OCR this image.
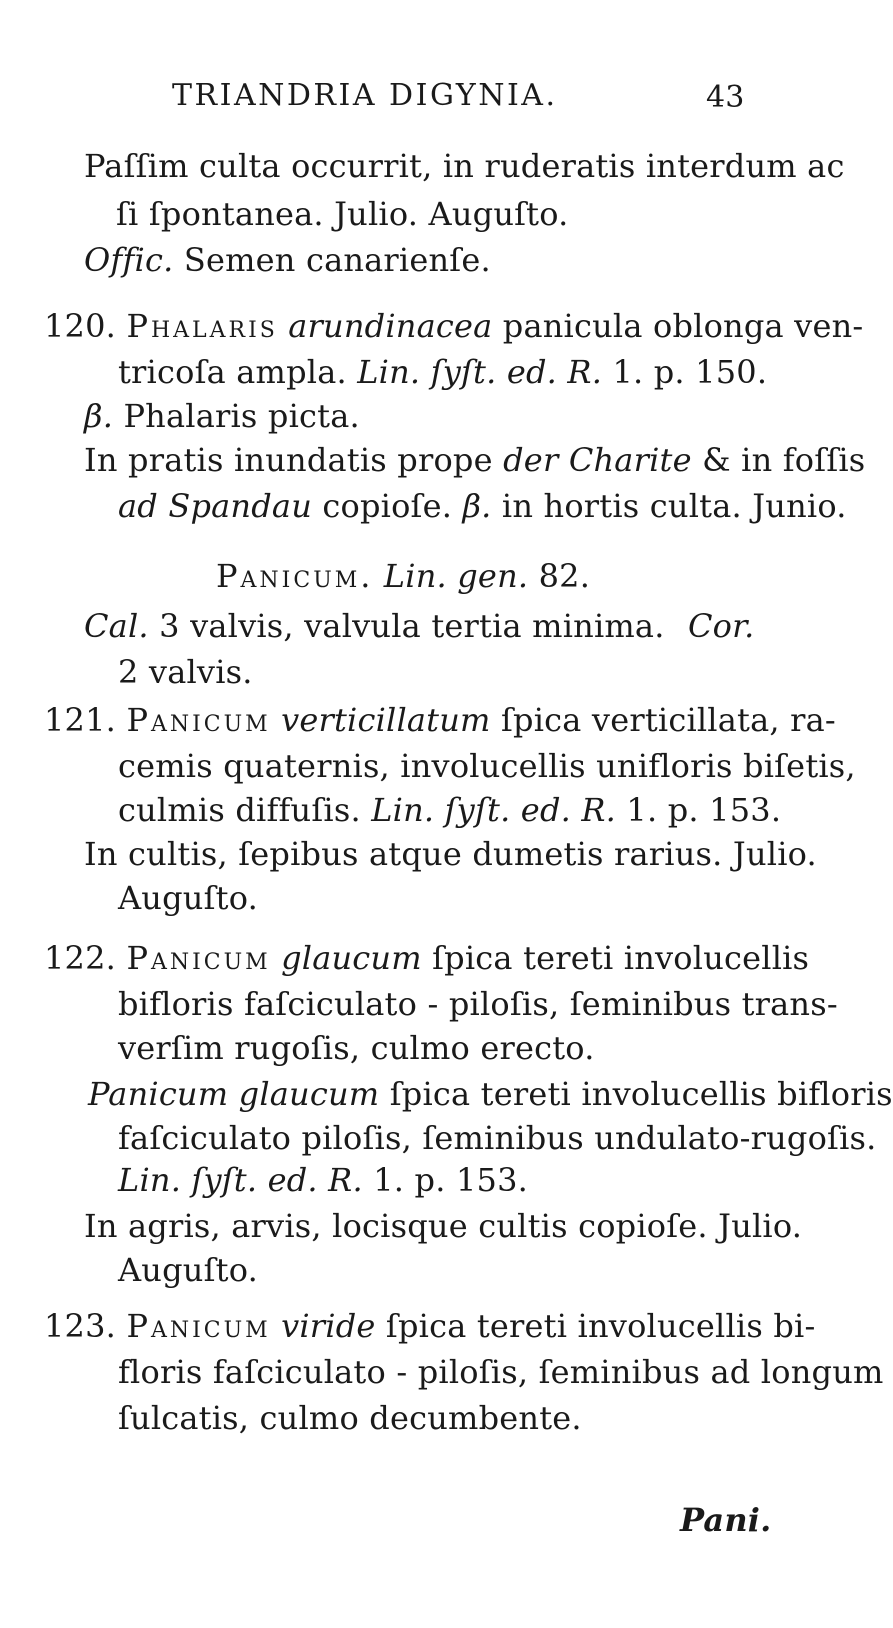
TRIANDRIA DIGYNIA.	43
Paſſim culta occurrit, in ruderatis interdum ac
ſi ſpontanea. Julio. Auguſto.
Offic. Semen canarienſe.
120. Phalaris arundinacea panicula oblonga ven-
tricoſa ampla. Lin. ſyſt. ed. R. 1. p. 150.
β. Phalaris picta.
In pratis inundatis prope der Charite & in foſſis
ad Spandau copioſe. β. in hortis culta. Junio.
Panicum. Lin. gen. 82.
Cal. 3 valvis, valvula tertia minima. Cor.
2 valvis.
121. Panicum verticillatum ſpica verticillata, ra-
cemis quaternis, involucellis unifloris biſetis,
culmis diffuſis. Lin. ſyſt. ed. R. 1. p. 153.
In cultis, ſepibus atque dumetis rarius. Julio.
Auguſto.
122. Panicum glaucum ſpica tereti involucellis
bifloris faſciculato - piloſis, ſeminibus trans-
verſim rugoſis, culmo erecto.
Panicum glaucum ſpica tereti involucellis bifloris
faſciculato piloſis, ſeminibus undulato-rugoſis.
Lin. ſyſt. ed. R. 1. p. 153.
In agris, arvis, locisque cultis copioſe. Julio.
Auguſto.
123. Panicum viride ſpica tereti involucellis bi-
floris faſciculato - piloſis, ſeminibus ad longum
ſulcatis, culmo decumbente.
Pani.
